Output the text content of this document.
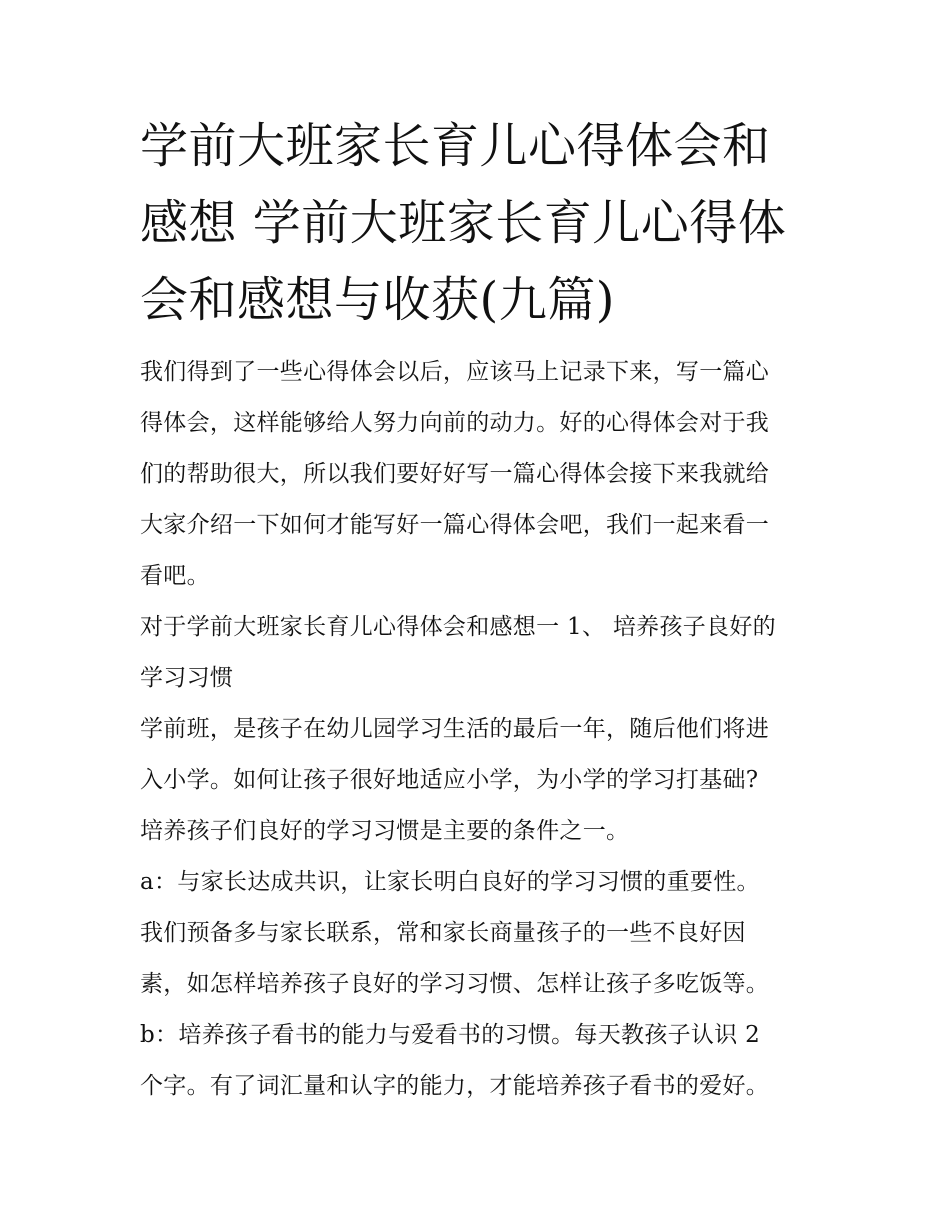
学前大班家长育儿心得体会和
感想 学前大班家长育儿心得体
会和感想与收获(九篇)

我们得到了一些心得体会以后，应该马上记录下来，写一篇心
得体会，这样能够给人努力向前的动力。好的心得体会对于我
们的帮助很大，所以我们要好好写一篇心得体会接下来我就给
大家介绍一下如何才能写好一篇心得体会吧，我们一起来看一
看吧。

对于学前大班家长育儿心得体会和感想一 1、 培养孩子良好的
学习习惯

学前班，是孩子在幼儿园学习生活的最后一年，随后他们将进
入小学。如何让孩子很好地适应小学，为小学的学习打基础?
培养孩子们良好的学习习惯是主要的条件之一。

a：与家长达成共识，让家长明白良好的学习习惯的重要性。
我们预备多与家长联系，常和家长商量孩子的一些不良好因
素，如怎样培养孩子良好的学习习惯、怎样让孩子多吃饭等。

b：培养孩子看书的能力与爱看书的习惯。每天教孩子认识 2
个字。有了词汇量和认字的能力，才能培养孩子看书的爱好。
